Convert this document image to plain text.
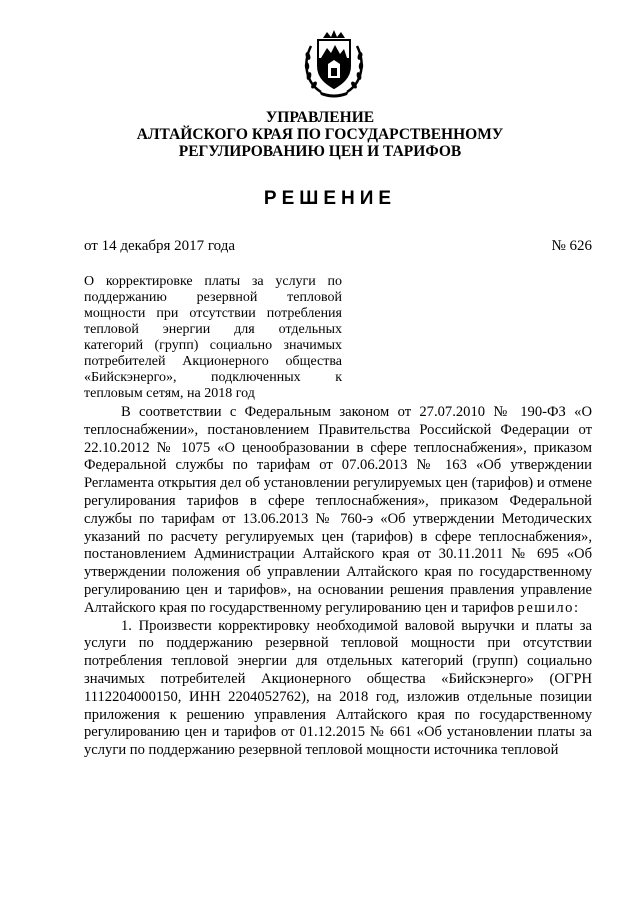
УПРАВЛЕНИЕ
АЛТАЙСКОГО КРАЯ ПО ГОСУДАРСТВЕННОМУ
РЕГУЛИРОВАНИЮ ЦЕН И ТАРИФОВ
РЕШЕНИЕ
от 14 декабря 2017 года	№ 626
О корректировке платы за услуги по поддержанию резервной тепловой мощности при отсутствии потребления тепловой энергии для отдельных категорий (групп) социально значимых потребителей Акционерного общества «Бийскэнерго», подключенных к тепловым сетям, на 2018 год

В соответствии с Федеральным законом от 27.07.2010 № 190-ФЗ «О теплоснабжении», постановлением Правительства Российской Федерации от 22.10.2012 № 1075 «О ценообразовании в сфере теплоснабжения», приказом Федеральной службы по тарифам от 07.06.2013 № 163 «Об утверждении Регламента открытия дел об установлении регулируемых цен (тарифов) и отмене регулирования тарифов в сфере теплоснабжения», приказом Федеральной службы по тарифам от 13.06.2013 № 760-э «Об утверждении Методических указаний по расчету регулируемых цен (тарифов) в сфере теплоснабжения», постановлением Администрации Алтайского края от 30.11.2011 № 695 «Об утверждении положения об управлении Алтайского края по государственному регулированию цен и тарифов», на основании решения правления управление Алтайского края по государственному регулированию цен и тарифов решило:

1. Произвести корректировку необходимой валовой выручки и платы за услуги по поддержанию резервной тепловой мощности при отсутствии потребления тепловой энергии для отдельных категорий (групп) социально значимых потребителей Акционерного общества «Бийскэнерго» (ОГРН 1112204000150, ИНН 2204052762), на 2018 год, изложив отдельные позиции приложения к решению управления Алтайского края по государственному регулированию цен и тарифов от 01.12.2015 № 661 «Об установлении платы за услуги по поддержанию резервной тепловой мощности источника тепловой
